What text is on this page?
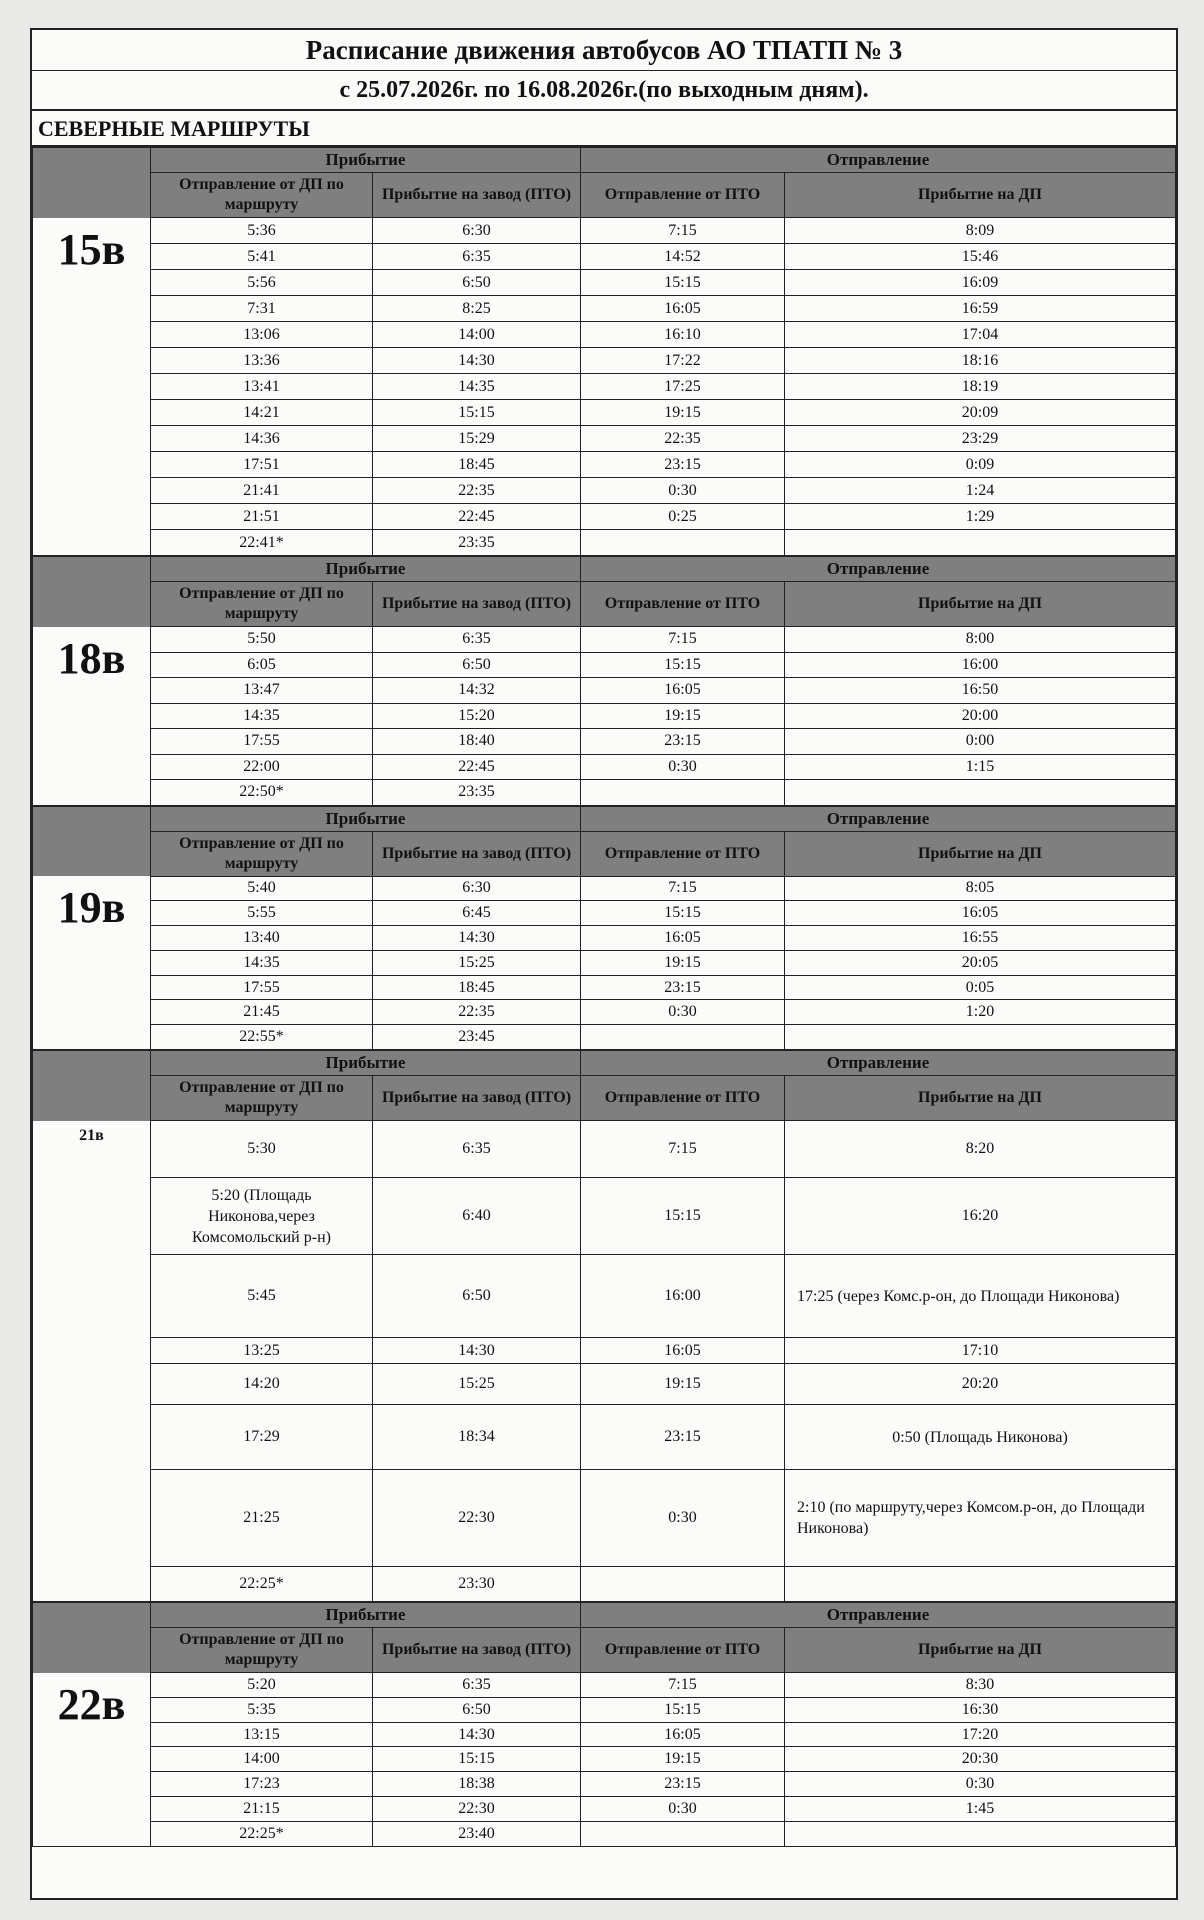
Расписание движения автобусов АО ТПАТП № 3
с 25.07.2026г. по 16.08.2026г.(по выходным дням).
СЕВЕРНЫЕ МАРШРУТЫ
	Прибытие		Отправление	
	Отправление от ДП по маршруту	Прибытие на завод (ПТО)	Отправление от ПТО	Прибытие на ДП
15в	5:36	6:30	7:15	8:09
	5:41	6:35	14:52	15:46
	5:56	6:50	15:15	16:09
	7:31	8:25	16:05	16:59
	13:06	14:00	16:10	17:04
	13:36	14:30	17:22	18:16
	13:41	14:35	17:25	18:19
	14:21	15:15	19:15	20:09
	14:36	15:29	22:35	23:29
	17:51	18:45	23:15	0:09
	21:41	22:35	0:30	1:24
	21:51	22:45	0:25	1:29
	22:41*	23:35		
	Прибытие		Отправление	
	Отправление от ДП по маршруту	Прибытие на завод (ПТО)	Отправление от ПТО	Прибытие на ДП
18в	5:50	6:35	7:15	8:00
	6:05	6:50	15:15	16:00
	13:47	14:32	16:05	16:50
	14:35	15:20	19:15	20:00
	17:55	18:40	23:15	0:00
	22:00	22:45	0:30	1:15
	22:50*	23:35		
	Прибытие		Отправление	
	Отправление от ДП по маршруту	Прибытие на завод (ПТО)	Отправление от ПТО	Прибытие на ДП
19в	5:40	6:30	7:15	8:05
	5:55	6:45	15:15	16:05
	13:40	14:30	16:05	16:55
	14:35	15:25	19:15	20:05
	17:55	18:45	23:15	0:05
	21:45	22:35	0:30	1:20
	22:55*	23:45		
	Прибытие		Отправление	
	Отправление от ДП по маршруту	Прибытие на завод (ПТО)	Отправление от ПТО	Прибытие на ДП
21в	5:30	6:35	7:15	8:20
	5:20 (Площадь Никонова,через Комсомольский р-н)	6:40	15:15	16:20
	5:45	6:50	16:00	17:25 (через Комс.р-он, до Площади Никонова)
	13:25	14:30	16:05	17:10
	14:20	15:25	19:15	20:20
	17:29	18:34	23:15	0:50 (Площадь Никонова)
	21:25	22:30	0:30	2:10 (по маршруту,через Комсом.р-он, до Площади Никонова)
	22:25*	23:30		
	Прибытие		Отправление	
	Отправление от ДП по маршруту	Прибытие на завод (ПТО)	Отправление от ПТО	Прибытие на ДП
22в	5:20	6:35	7:15	8:30
	5:35	6:50	15:15	16:30
	13:15	14:30	16:05	17:20
	14:00	15:15	19:15	20:30
	17:23	18:38	23:15	0:30
	21:15	22:30	0:30	1:45
	22:25*	23:40		
